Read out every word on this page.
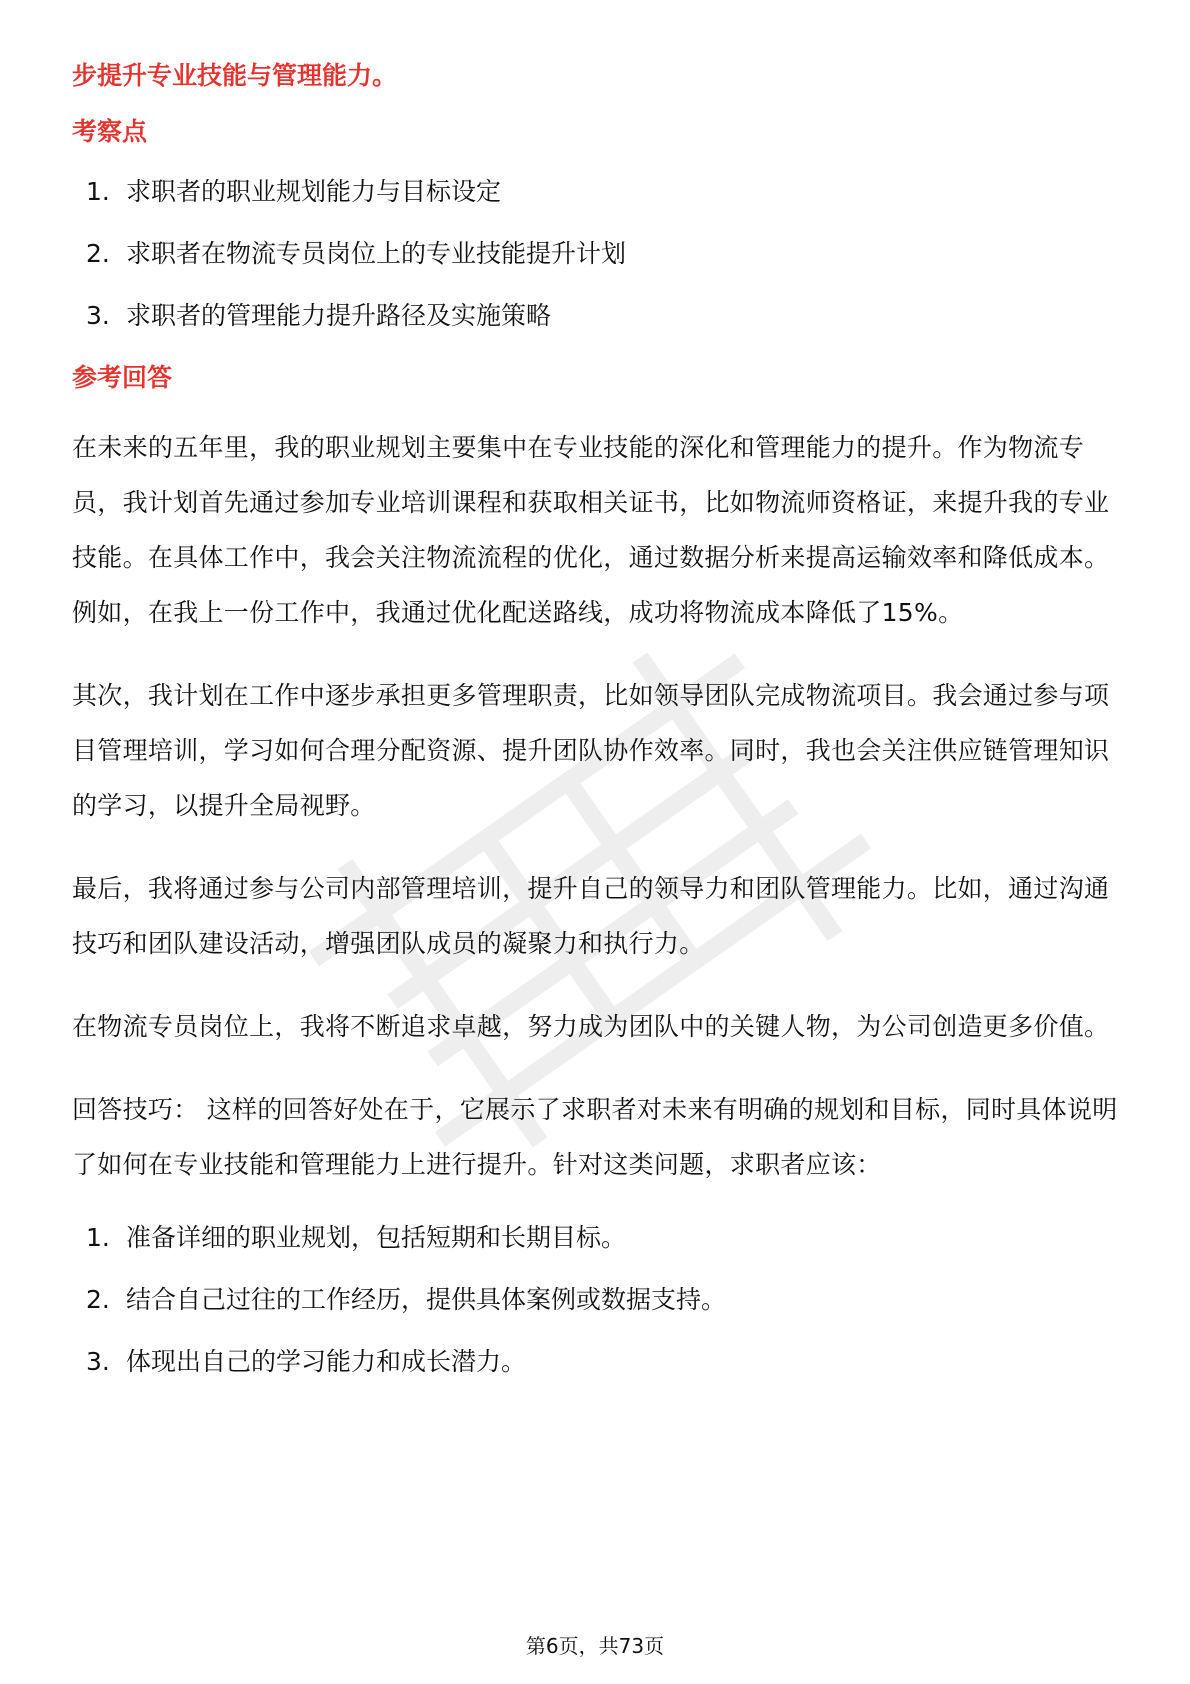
步提升专业技能与管理能力。

考察点

1. 求职者的职业规划能力与目标设定
2. 求职者在物流专员岗位上的专业技能提升计划
3. 求职者的管理能力提升路径及实施策略

参考回答

在未来的五年里，我的职业规划主要集中在专业技能的深化和管理能力的提升。作为物流专员，我计划首先通过参加专业培训课程和获取相关证书，比如物流师资格证，来提升我的专业技能。在具体工作中，我会关注物流流程的优化，通过数据分析来提高运输效率和降低成本。例如，在我上一份工作中，我通过优化配送路线，成功将物流成本降低了15%。

其次，我计划在工作中逐步承担更多管理职责，比如领导团队完成物流项目。我会通过参与项目管理培训，学习如何合理分配资源、提升团队协作效率。同时，我也会关注供应链管理知识的学习，以提升全局视野。

最后，我将通过参与公司内部管理培训，提升自己的领导力和团队管理能力。比如，通过沟通技巧和团队建设活动，增强团队成员的凝聚力和执行力。

在物流专员岗位上，我将不断追求卓越，努力成为团队中的关键人物，为公司创造更多价值。

回答技巧： 这样的回答好处在于，它展示了求职者对未来有明确的规划和目标，同时具体说明了如何在专业技能和管理能力上进行提升。针对这类问题，求职者应该：

1. 准备详细的职业规划，包括短期和长期目标。
2. 结合自己过往的工作经历，提供具体案例或数据支持。
3. 体现出自己的学习能力和成长潜力。
第6页，共73页
